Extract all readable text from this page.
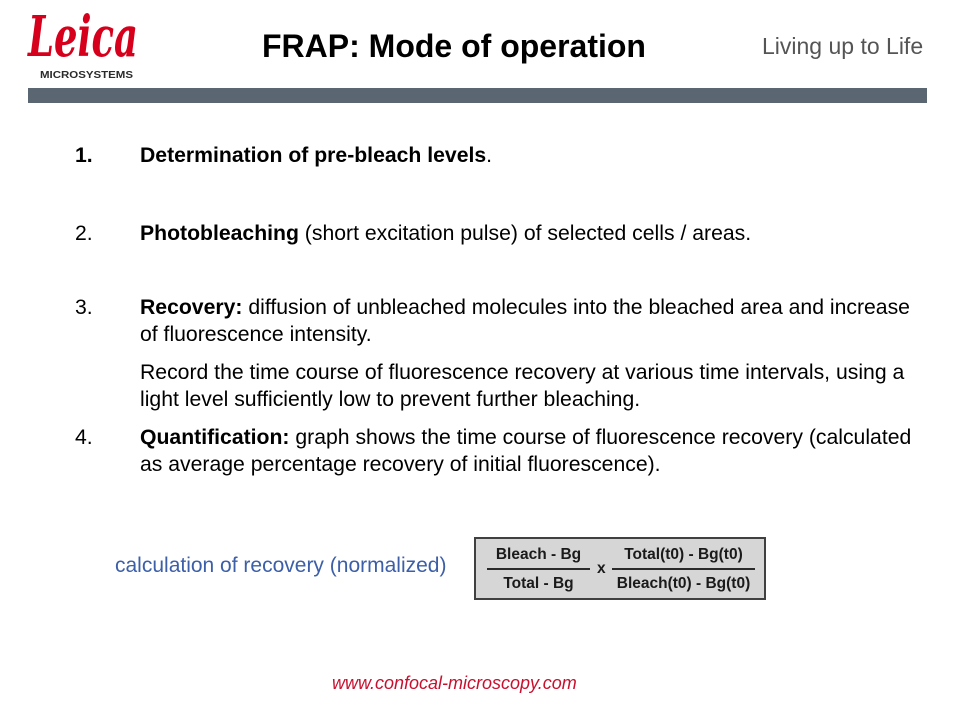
Leica
MICROSYSTEMS
FRAP: Mode of operation	Living up to Life
1.	Determination of pre-bleach levels.
2.	Photobleaching (short excitation pulse) of selected cells / areas.
3.	Recovery: diffusion of unbleached molecules into the bleached area and increase of fluorescence intensity.
Record the time course of fluorescence recovery at various time intervals, using a light level sufficiently low to prevent further bleaching.
4.	Quantification: graph shows the time course of fluorescence recovery (calculated as average percentage recovery of initial fluorescence).
calculation of recovery (normalized)	Bleach - Bg
Total - Bg
x
Total(t0) - Bg(t0)
Bleach(t0) - Bg(t0)
www.confocal-microscopy.com
